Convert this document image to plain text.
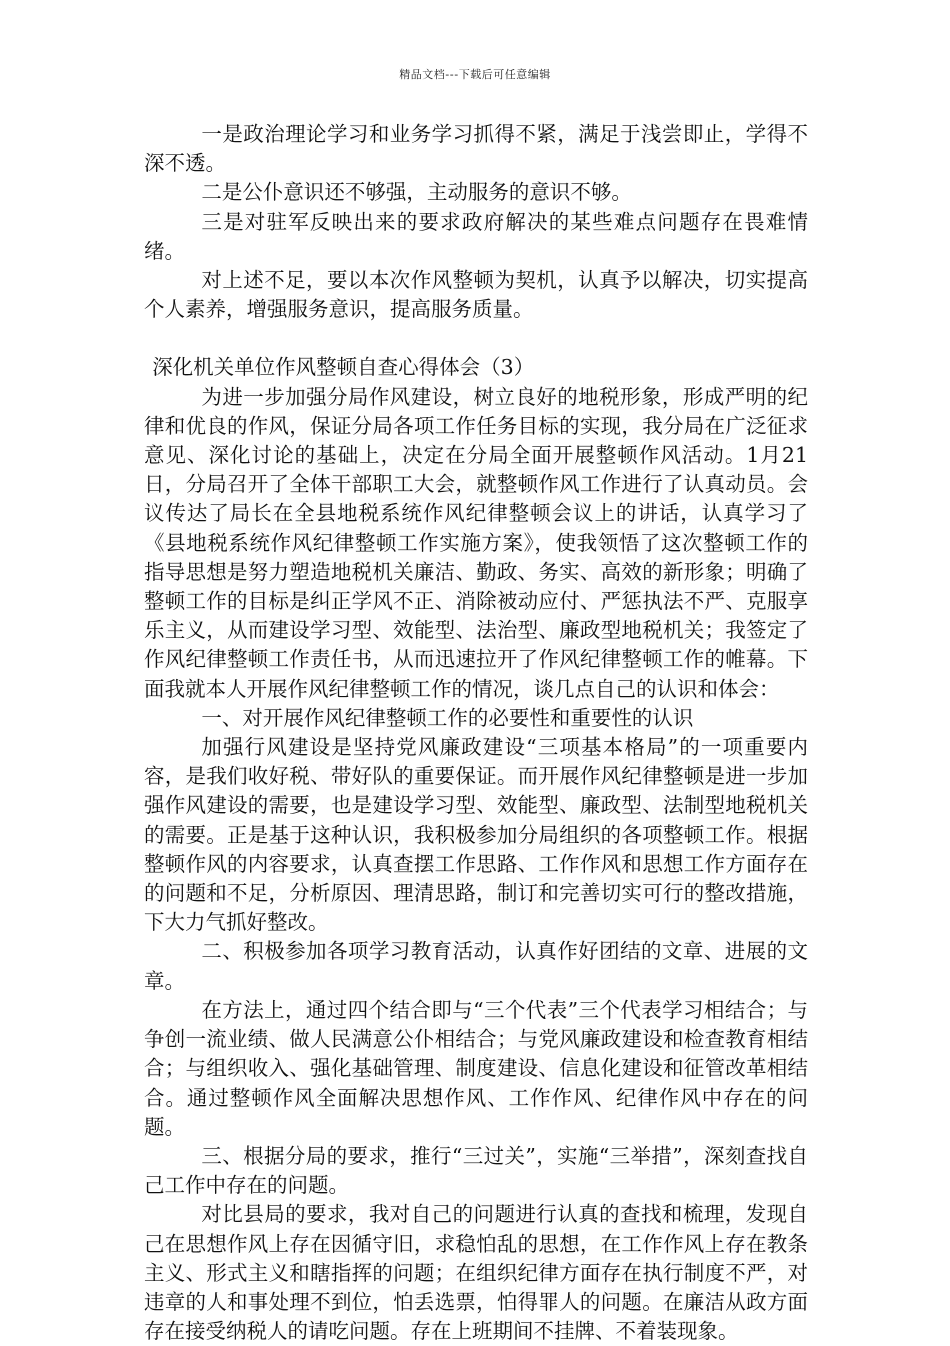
精品文档---下载后可任意编辑

一是政治理论学习和业务学习抓得不紧，满足于浅尝即止，学得不深不透。

二是公仆意识还不够强，主动服务的意识不够。

三是对驻军反映出来的要求政府解决的某些难点问题存在畏难情绪。

对上述不足，要以本次作风整顿为契机，认真予以解决，切实提高个人素养，增强服务意识，提高服务质量。

深化机关单位作风整顿自查心得体会（3）

为进一步加强分局作风建设，树立良好的地税形象，形成严明的纪律和优良的作风，保证分局各项工作任务目标的实现，我分局在广泛征求意见、深化讨论的基础上，决定在分局全面开展整顿作风活动。1月21日，分局召开了全体干部职工大会，就整顿作风工作进行了认真动员。会议传达了局长在全县地税系统作风纪律整顿会议上的讲话，认真学习了《县地税系统作风纪律整顿工作实施方案》，使我领悟了这次整顿工作的指导思想是努力塑造地税机关廉洁、勤政、务实、高效的新形象；明确了整顿工作的目标是纠正学风不正、消除被动应付、严惩执法不严、克服享乐主义，从而建设学习型、效能型、法治型、廉政型地税机关；我签定了作风纪律整顿工作责任书，从而迅速拉开了作风纪律整顿工作的帷幕。下面我就本人开展作风纪律整顿工作的情况，谈几点自己的认识和体会：

一、对开展作风纪律整顿工作的必要性和重要性的认识

加强行风建设是坚持党风廉政建设“三项基本格局”的一项重要内容，是我们收好税、带好队的重要保证。而开展作风纪律整顿是进一步加强作风建设的需要，也是建设学习型、效能型、廉政型、法制型地税机关的需要。正是基于这种认识，我积极参加分局组织的各项整顿工作。根据整顿作风的内容要求，认真查摆工作思路、工作作风和思想工作方面存在的问题和不足，分析原因、理清思路，制订和完善切实可行的整改措施，下大力气抓好整改。

二、积极参加各项学习教育活动，认真作好团结的文章、进展的文章。

在方法上，通过四个结合即与“三个代表”三个代表学习相结合；与争创一流业绩、做人民满意公仆相结合；与党风廉政建设和检查教育相结合；与组织收入、强化基础管理、制度建设、信息化建设和征管改革相结合。通过整顿作风全面解决思想作风、工作作风、纪律作风中存在的问题。

三、根据分局的要求，推行“三过关”，实施“三举措”，深刻查找自己工作中存在的问题。

对比县局的要求，我对自己的问题进行认真的查找和梳理，发现自己在思想作风上存在因循守旧，求稳怕乱的思想，在工作作风上存在教条主义、形式主义和瞎指挥的问题；在组织纪律方面存在执行制度不严，对违章的人和事处理不到位，怕丢选票，怕得罪人的问题。在廉洁从政方面存在接受纳税人的请吃问题。存在上班期间不挂牌、不着装现象。
